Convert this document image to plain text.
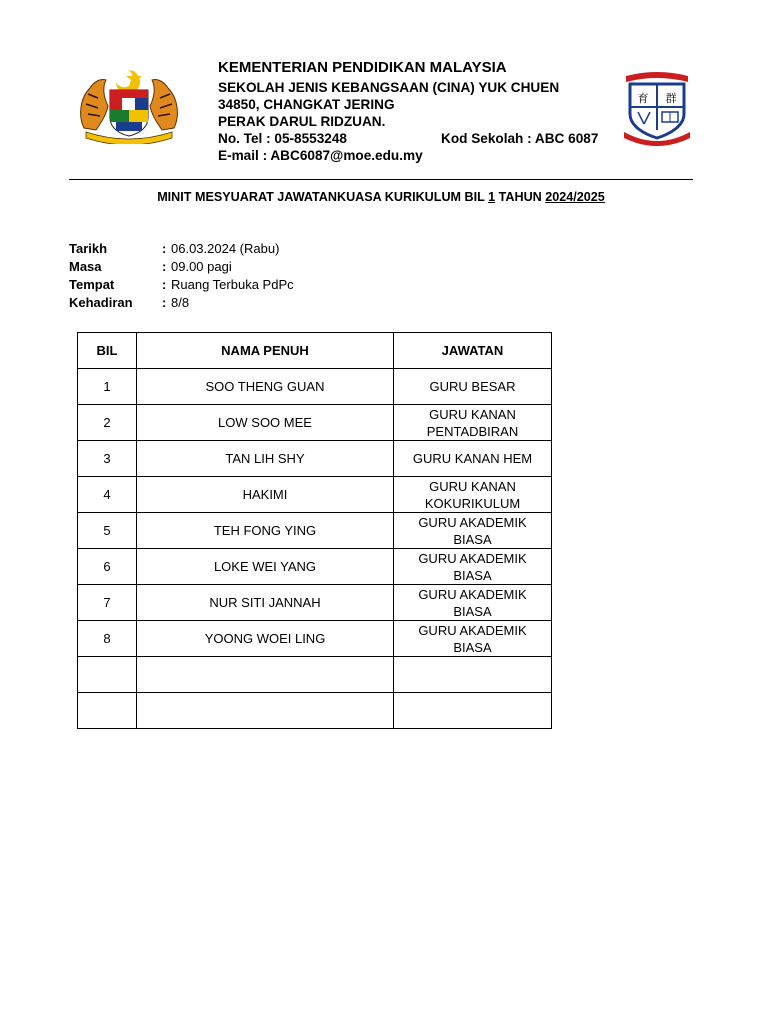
KEMENTERIAN PENDIDIKAN MALAYSIA
SEKOLAH JENIS KEBANGSAAN (CINA) YUK CHUEN
34850, CHANGKAT JERING
PERAK DARUL RIDZUAN.
No. Tel : 05-8553248	Kod Sekolah : ABC 6087
E-mail : ABC6087@moe.edu.my
育 群
MINIT MESYUARAT JAWATANKUASA KURIKULUM BIL 1 TAHUN 2024/2025
Tarikh	: 06.03.2024 (Rabu)
Masa	: 09.00 pagi
Tempat	: Ruang Terbuka PdPc
Kehadiran : 8/8
BIL	NAMA PENUH	JAWATAN
1	SOO THENG GUAN	GURU BESAR
2	LOW SOO MEE	GURU KANAN PENTADBIRAN
3	TAN LIH SHY	GURU KANAN HEM
4	HAKIMI	GURU KANAN KOKURIKULUM
5	TEH FONG YING	GURU AKADEMIK BIASA
6	LOKE WEI YANG	GURU AKADEMIK BIASA
7	NUR SITI JANNAH	GURU AKADEMIK BIASA
8	YOONG WOEI LING	GURU AKADEMIK BIASA
